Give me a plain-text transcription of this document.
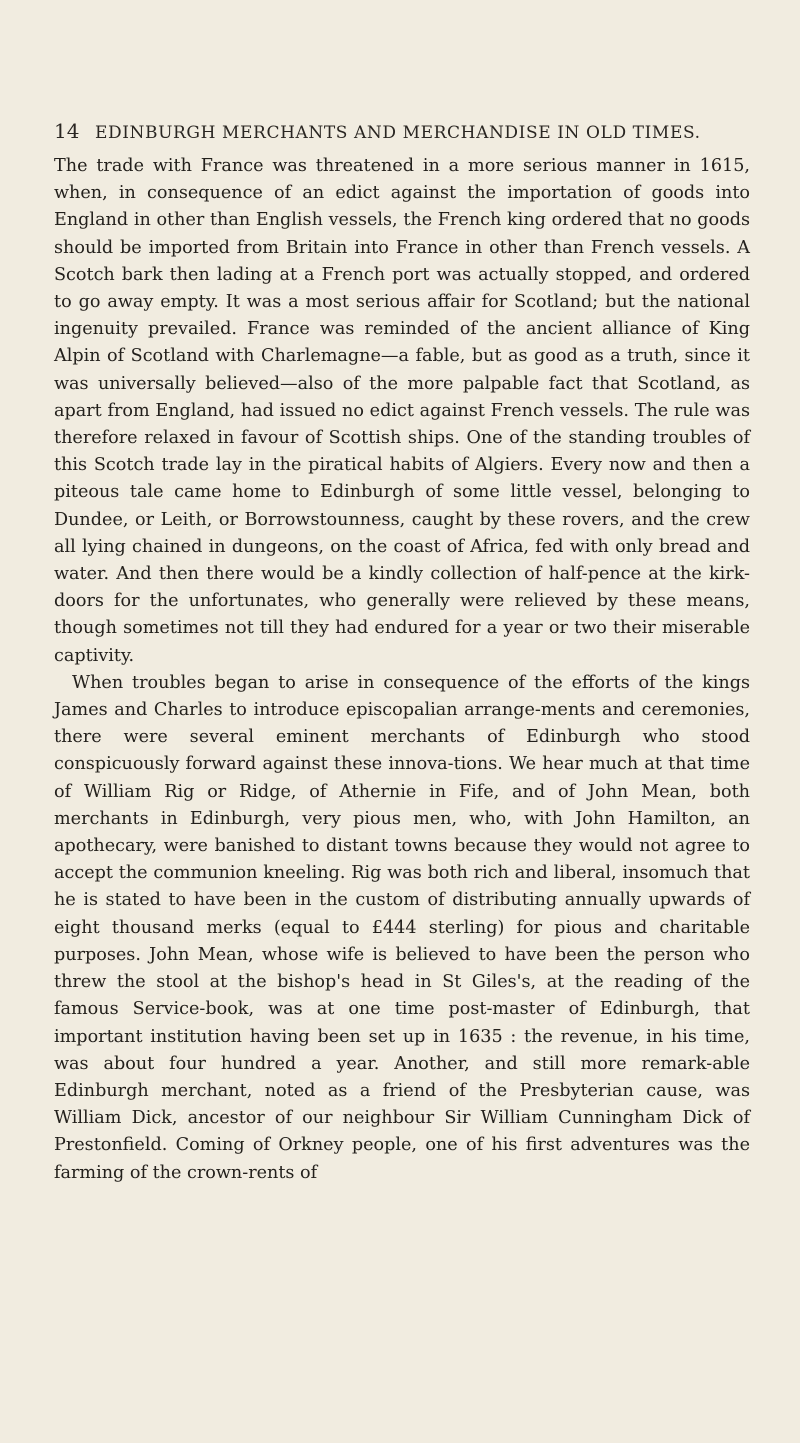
14 EDINBURGH MERCHANTS AND MERCHANDISE IN OLD TIMES.

The trade with France was threatened in a more serious manner in 1615, when, in consequence of an edict against the importation of goods into England in other than English vessels, the French king ordered that no goods should be imported from Britain into France in other than French vessels. A Scotch bark then lading at a French port was actually stopped, and ordered to go away empty. It was a most serious affair for Scotland; but the national ingenuity prevailed. France was reminded of the ancient alliance of King Alpin of Scotland with Charlemagne—a fable, but as good as a truth, since it was universally believed—also of the more palpable fact that Scotland, as apart from England, had issued no edict against French vessels. The rule was therefore relaxed in favour of Scottish ships. One of the standing troubles of this Scotch trade lay in the piratical habits of Algiers. Every now and then a piteous tale came home to Edinburgh of some little vessel, belonging to Dundee, or Leith, or Borrowstounness, caught by these rovers, and the crew all lying chained in dungeons, on the coast of Africa, fed with only bread and water. And then there would be a kindly collection of half-pence at the kirk-doors for the unfortunates, who generally were relieved by these means, though sometimes not till they had endured for a year or two their miserable captivity.

When troubles began to arise in consequence of the efforts of the kings James and Charles to introduce episcopalian arrange-ments and ceremonies, there were several eminent merchants of Edinburgh who stood conspicuously forward against these innova-tions. We hear much at that time of William Rig or Ridge, of Athernie in Fife, and of John Mean, both merchants in Edinburgh, very pious men, who, with John Hamilton, an apothecary, were banished to distant towns because they would not agree to accept the communion kneeling. Rig was both rich and liberal, insomuch that he is stated to have been in the custom of distributing annually upwards of eight thousand merks (equal to £444 sterling) for pious and charitable purposes. John Mean, whose wife is believed to have been the person who threw the stool at the bishop's head in St Giles's, at the reading of the famous Service-book, was at one time post-master of Edinburgh, that important institution having been set up in 1635 : the revenue, in his time, was about four hundred a year. Another, and still more remark-able Edinburgh merchant, noted as a friend of the Presbyterian cause, was William Dick, ancestor of our neighbour Sir William Cunningham Dick of Prestonfield. Coming of Orkney people, one of his first adventures was the farming of the crown-rents of
